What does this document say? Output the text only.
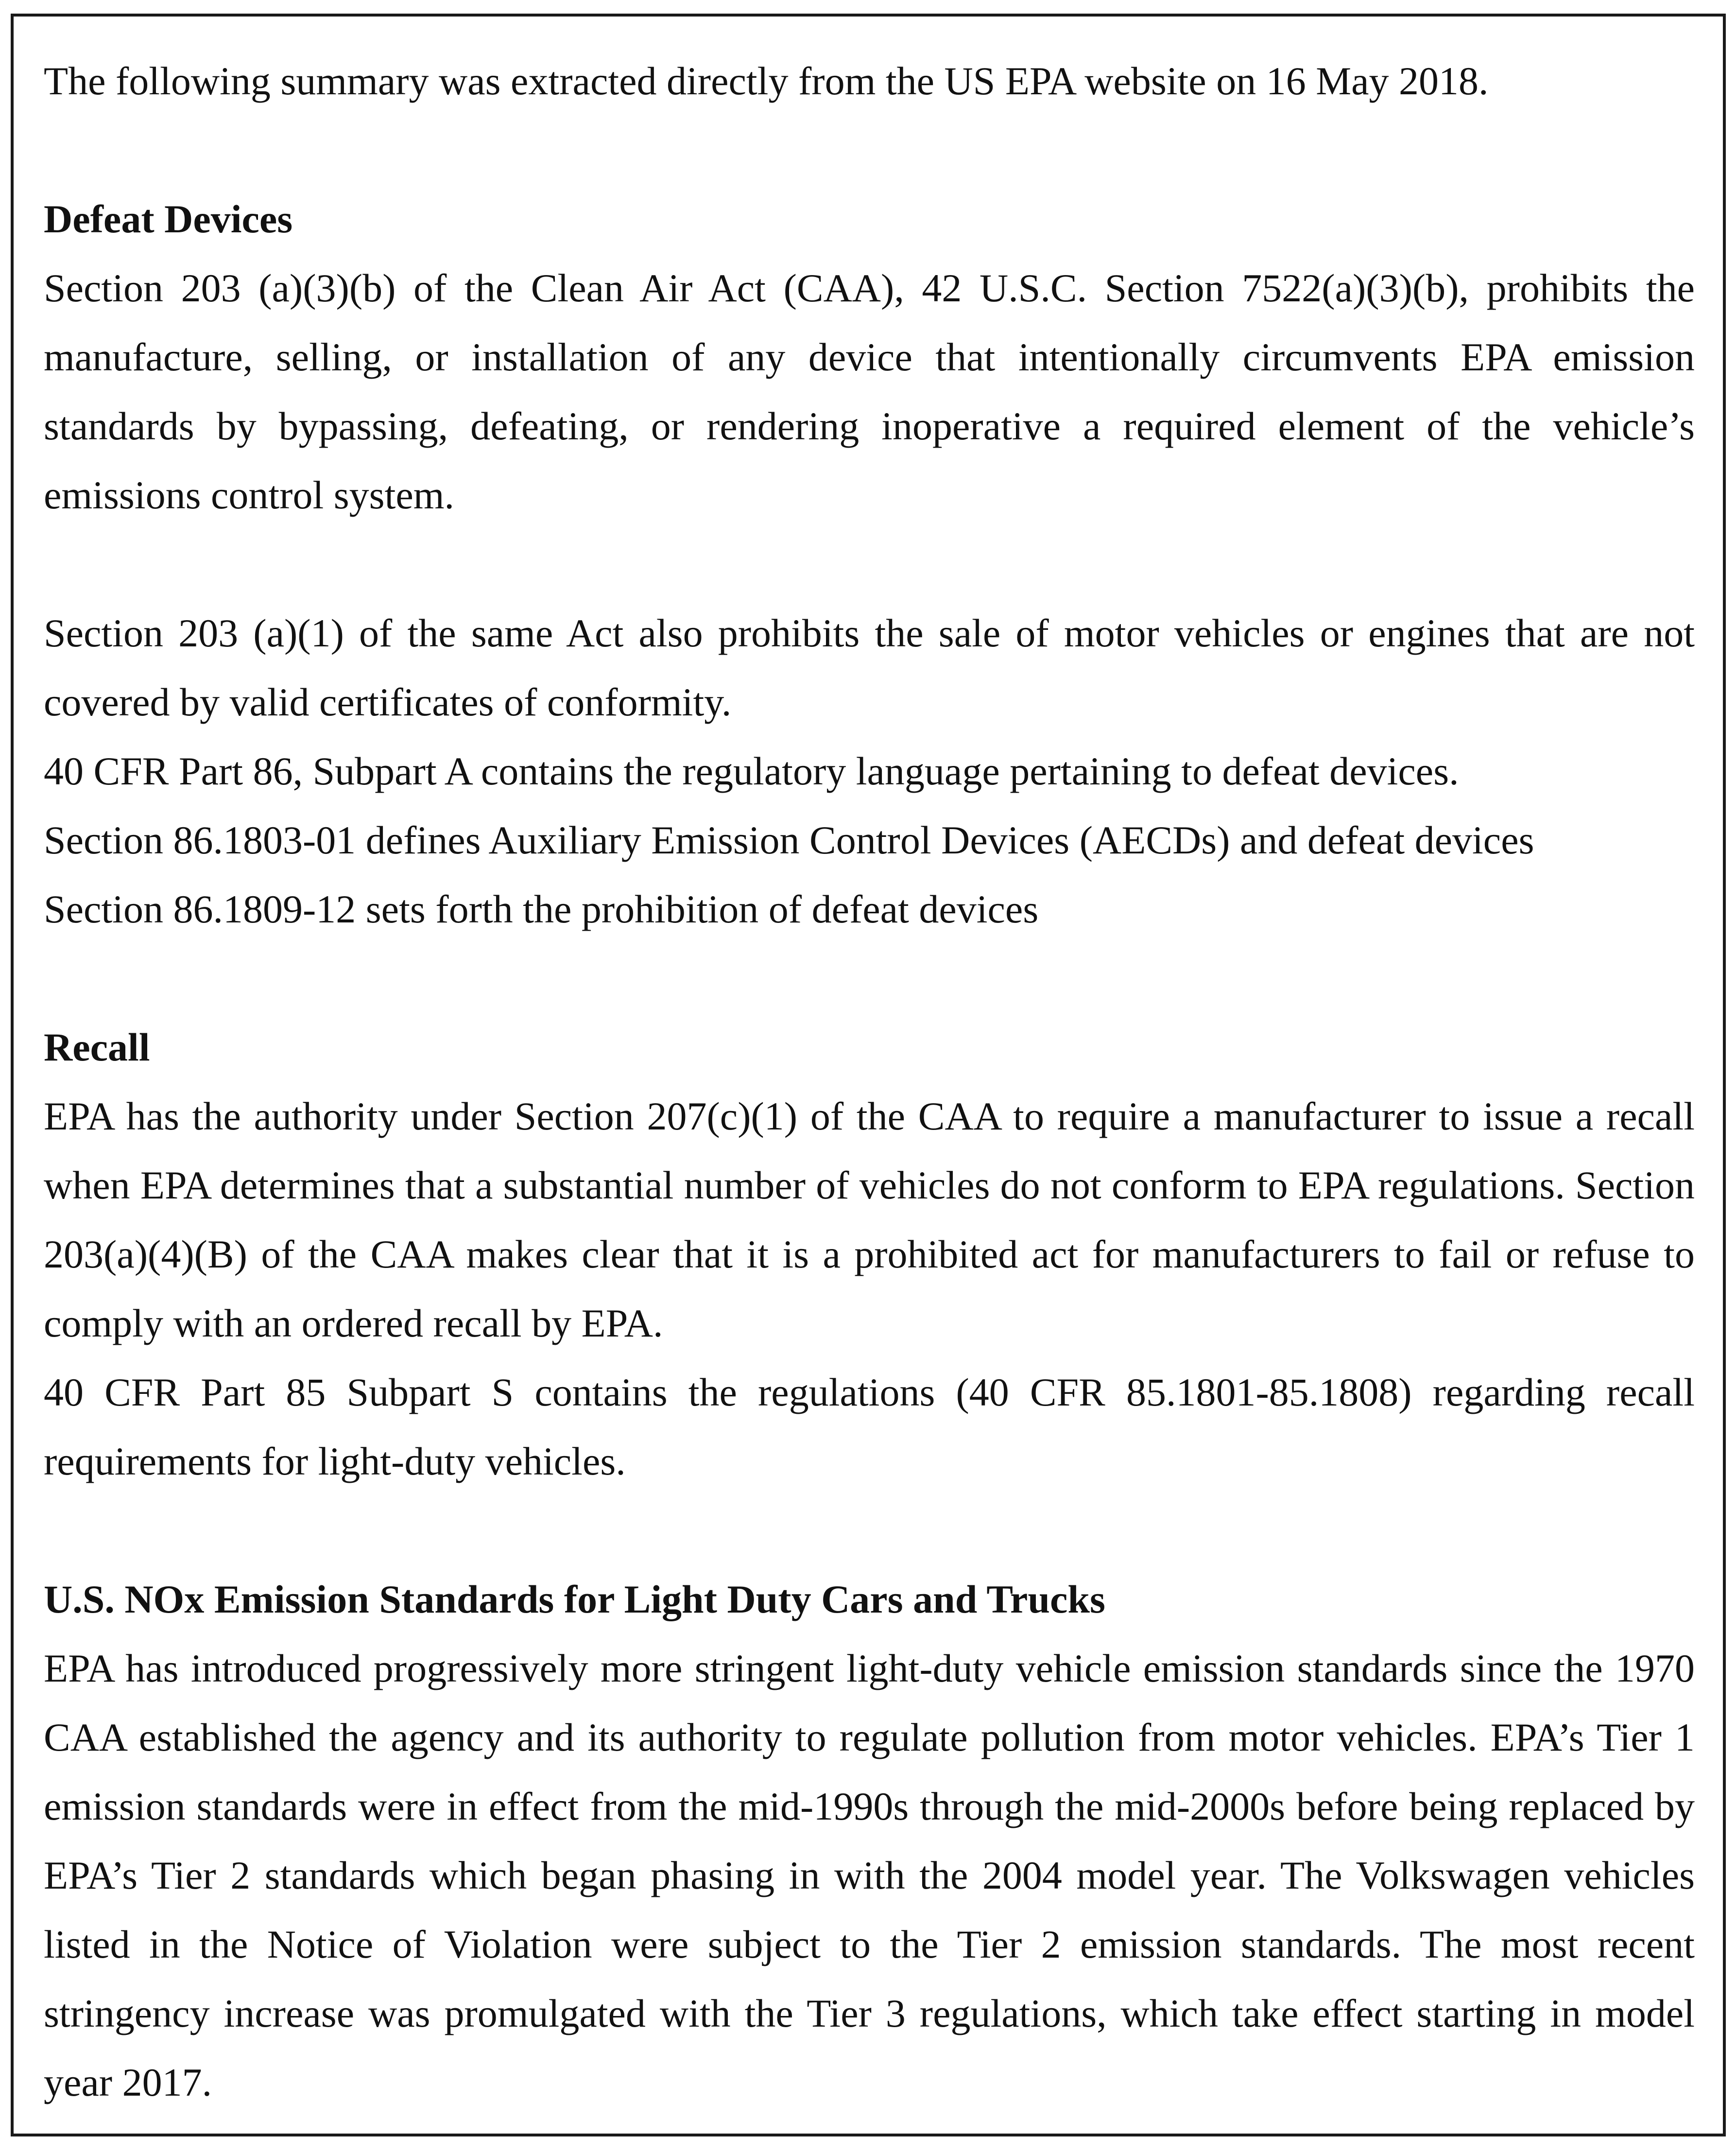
The following summary was extracted directly from the US EPA website on 16 May 2018.

Defeat Devices

Section 203 (a)(3)(b) of the Clean Air Act (CAA), 42 U.S.C. Section 7522(a)(3)(b), prohibits the manufacture, selling, or installation of any device that intentionally circumvents EPA emission standards by bypassing, defeating, or rendering inoperative a required element of the vehicle’s emissions control system.

Section 203 (a)(1) of the same Act also prohibits the sale of motor vehicles or engines that are not covered by valid certificates of conformity.

40 CFR Part 86, Subpart A contains the regulatory language pertaining to defeat devices.

Section 86.1803-01 defines Auxiliary Emission Control Devices (AECDs) and defeat devices

Section 86.1809-12 sets forth the prohibition of defeat devices

Recall

EPA has the authority under Section 207(c)(1) of the CAA to require a manufacturer to issue a recall when EPA determines that a substantial number of vehicles do not conform to EPA regulations. Section 203(a)(4)(B) of the CAA makes clear that it is a prohibited act for manufacturers to fail or refuse to comply with an ordered recall by EPA.

40 CFR Part 85 Subpart S contains the regulations (40 CFR 85.1801-85.1808) regarding recall requirements for light-duty vehicles.

U.S. NOx Emission Standards for Light Duty Cars and Trucks

EPA has introduced progressively more stringent light-duty vehicle emission standards since the 1970 CAA established the agency and its authority to regulate pollution from motor vehicles. EPA’s Tier 1 emission standards were in effect from the mid-1990s through the mid-2000s before being replaced by EPA’s Tier 2 standards which began phasing in with the 2004 model year. The Volkswagen vehicles listed in the Notice of Violation were subject to the Tier 2 emission standards. The most recent stringency increase was promulgated with the Tier 3 regulations, which take effect starting in model year 2017.
